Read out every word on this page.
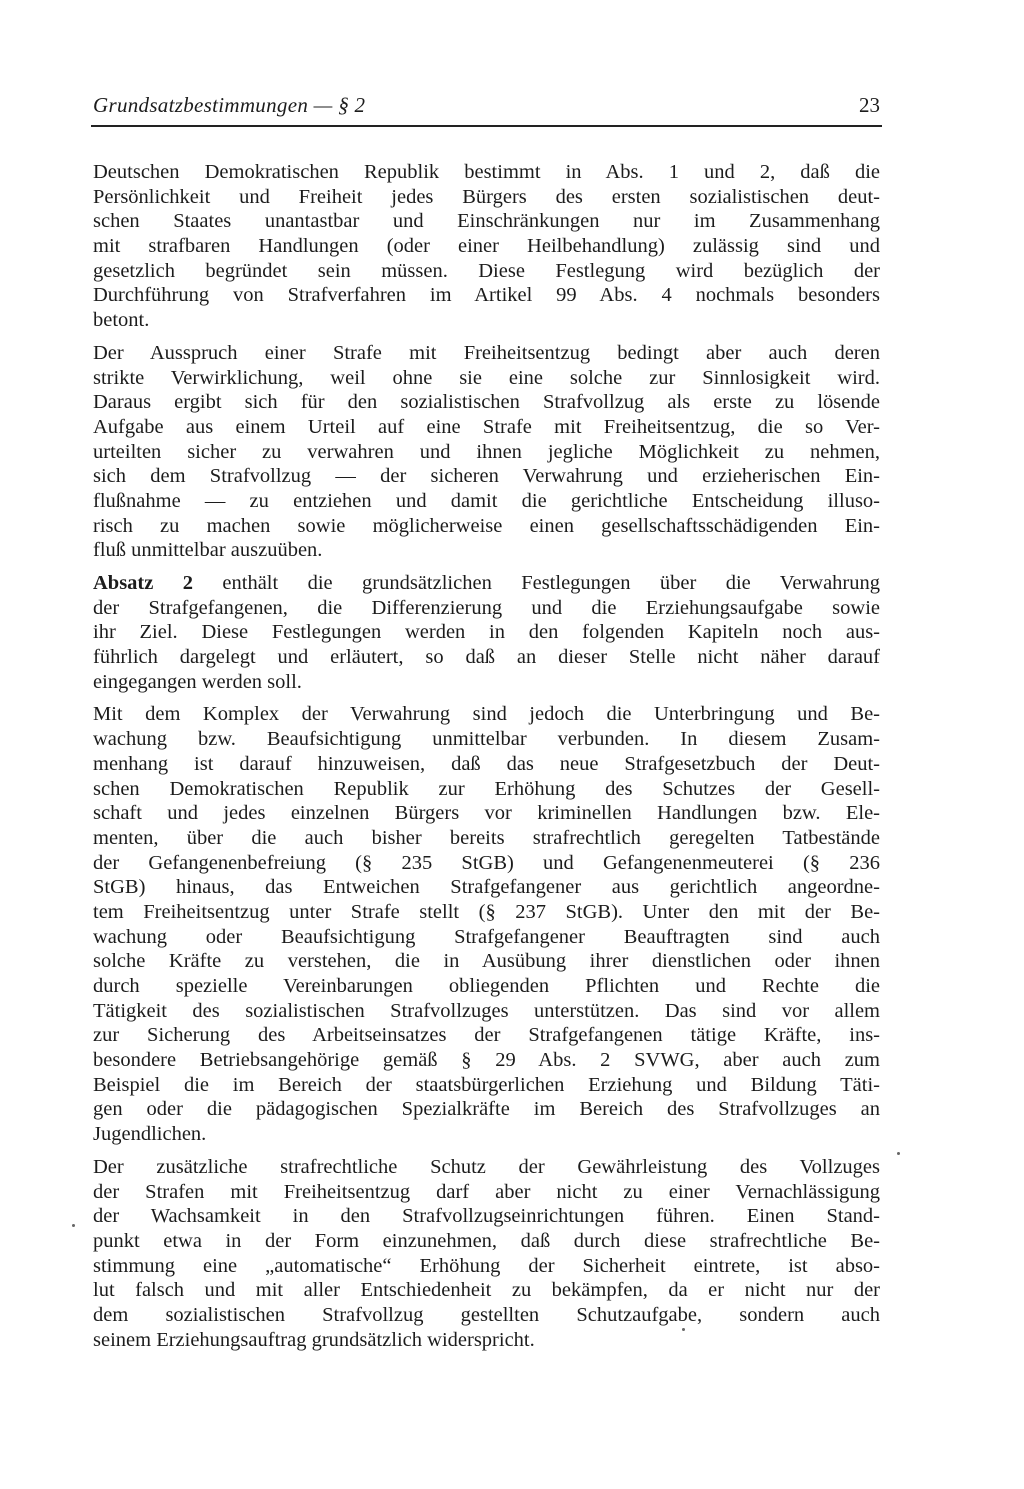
Grundsatzbestimmungen — § 2	23
Deutschen Demokratischen Republik bestimmt in Abs. 1 und 2, daß die
Persönlichkeit und Freiheit jedes Bürgers des ersten sozialistischen deut-
schen Staates unantastbar und Einschränkungen nur im Zusammenhang
mit strafbaren Handlungen (oder einer Heilbehandlung) zulässig sind und
gesetzlich begründet sein müssen. Diese Festlegung wird bezüglich der
Durchführung von Strafverfahren im Artikel 99 Abs. 4 nochmals besonders
betont.
Der Ausspruch einer Strafe mit Freiheitsentzug bedingt aber auch deren
strikte Verwirklichung, weil ohne sie eine solche zur Sinnlosigkeit wird.
Daraus ergibt sich für den sozialistischen Strafvollzug als erste zu lösende
Aufgabe aus einem Urteil auf eine Strafe mit Freiheitsentzug, die so Ver-
urteilten sicher zu verwahren und ihnen jegliche Möglichkeit zu nehmen,
sich dem Strafvollzug — der sicheren Verwahrung und erzieherischen Ein-
flußnahme — zu entziehen und damit die gerichtliche Entscheidung illuso-
risch zu machen sowie möglicherweise einen gesellschaftsschädigenden Ein-
fluß unmittelbar auszuüben.
Absatz 2 enthält die grundsätzlichen Festlegungen über die Verwahrung
der Strafgefangenen, die Differenzierung und die Erziehungsaufgabe sowie
ihr Ziel. Diese Festlegungen werden in den folgenden Kapiteln noch aus-
führlich dargelegt und erläutert, so daß an dieser Stelle nicht näher darauf
eingegangen werden soll.
Mit dem Komplex der Verwahrung sind jedoch die Unterbringung und Be-
wachung bzw. Beaufsichtigung unmittelbar verbunden. In diesem Zusam-
menhang ist darauf hinzuweisen, daß das neue Strafgesetzbuch der Deut-
schen Demokratischen Republik zur Erhöhung des Schutzes der Gesell-
schaft und jedes einzelnen Bürgers vor kriminellen Handlungen bzw. Ele-
menten, über die auch bisher bereits strafrechtlich geregelten Tatbestände
der Gefangenenbefreiung (§ 235 StGB) und Gefangenenmeuterei (§ 236
StGB) hinaus, das Entweichen Strafgefangener aus gerichtlich angeordne-
tem Freiheitsentzug unter Strafe stellt (§ 237 StGB). Unter den mit der Be-
wachung oder Beaufsichtigung Strafgefangener Beauftragten sind auch
solche Kräfte zu verstehen, die in Ausübung ihrer dienstlichen oder ihnen
durch spezielle Vereinbarungen obliegenden Pflichten und Rechte die
Tätigkeit des sozialistischen Strafvollzuges unterstützen. Das sind vor allem
zur Sicherung des Arbeitseinsatzes der Strafgefangenen tätige Kräfte, ins-
besondere Betriebsangehörige gemäß § 29 Abs. 2 SVWG, aber auch zum
Beispiel die im Bereich der staatsbürgerlichen Erziehung und Bildung Täti-
gen oder die pädagogischen Spezialkräfte im Bereich des Strafvollzuges an
Jugendlichen.
Der zusätzliche strafrechtliche Schutz der Gewährleistung des Vollzuges
der Strafen mit Freiheitsentzug darf aber nicht zu einer Vernachlässigung
der Wachsamkeit in den Strafvollzugseinrichtungen führen. Einen Stand-
punkt etwa in der Form einzunehmen, daß durch diese strafrechtliche Be-
stimmung eine „automatische“ Erhöhung der Sicherheit eintrete, ist abso-
lut falsch und mit aller Entschiedenheit zu bekämpfen, da er nicht nur der
dem sozialistischen Strafvollzug gestellten Schutzaufgabe, sondern auch
seinem Erziehungsauftrag grundsätzlich widerspricht.
